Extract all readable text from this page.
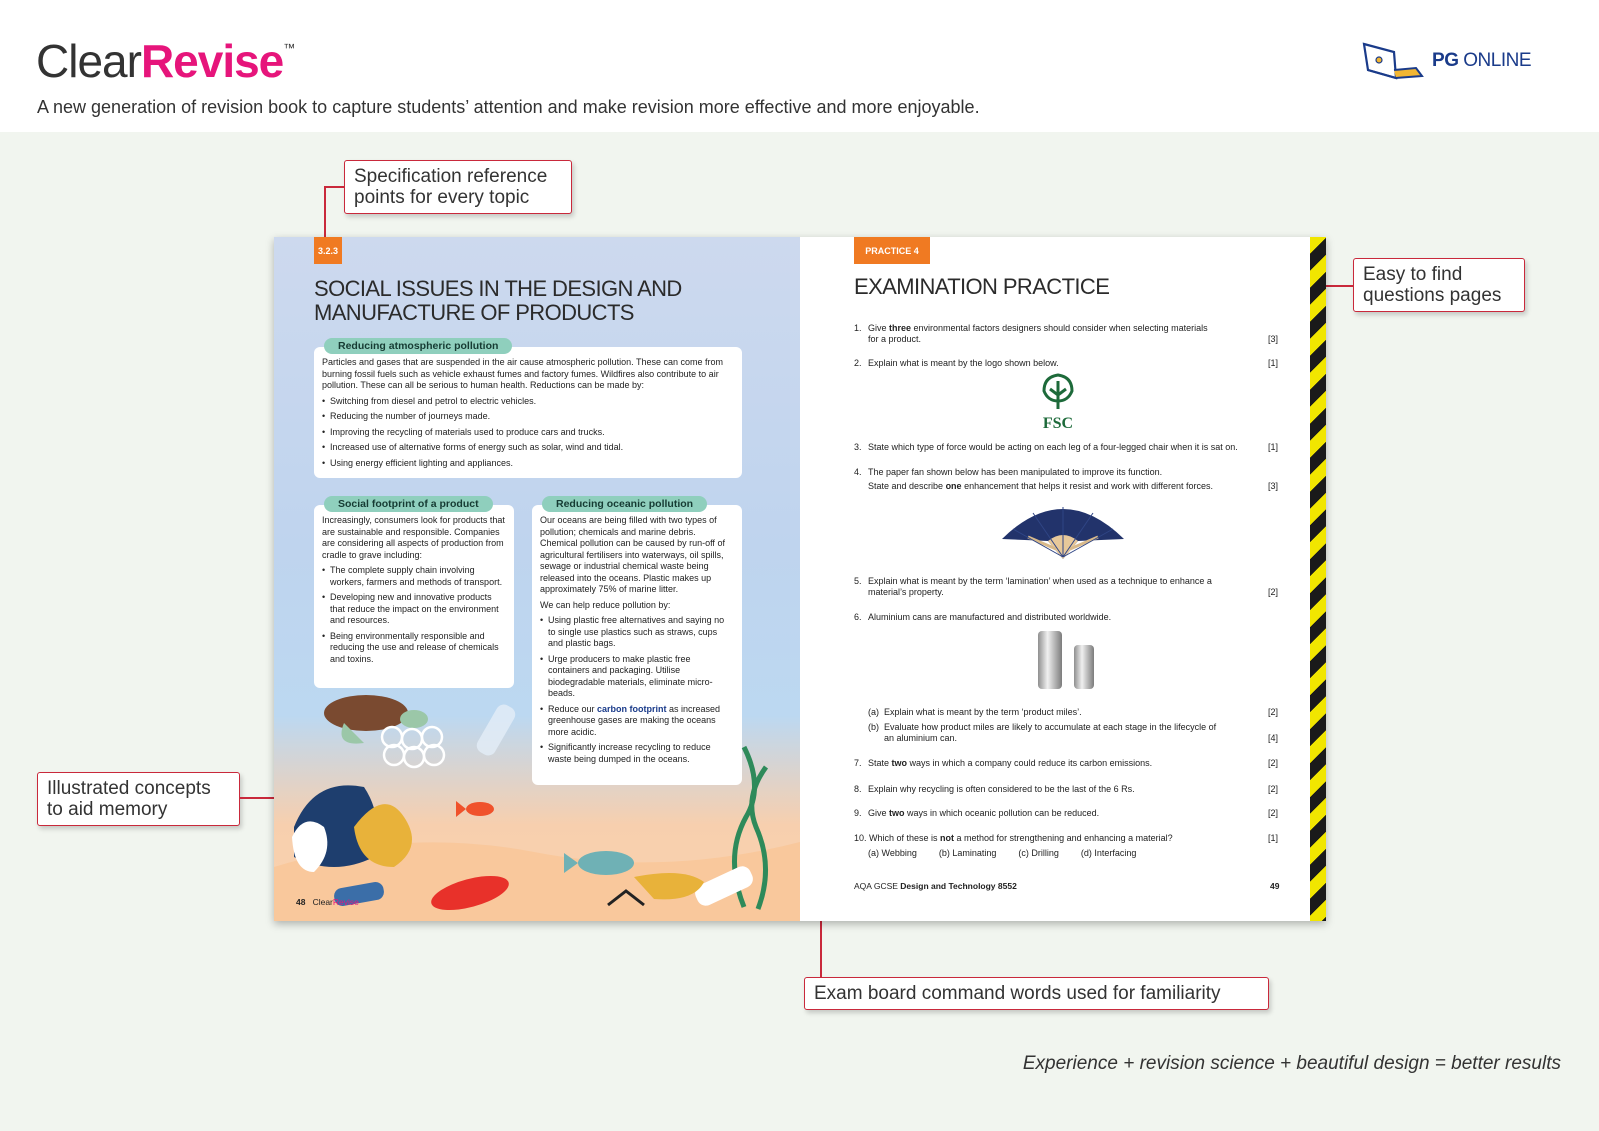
ClearRevise™
A new generation of revision book to capture students’ attention and make revision more effective and more enjoyable.
PG ONLINE
Specification reference
points for every topic
Easy to find
questions pages
Illustrated concepts
to aid memory
Exam board command words used for familiarity
3.2.3
SOCIAL ISSUES IN THE DESIGN AND
MANUFACTURE OF PRODUCTS

Particles and gases that are suspended in the air cause atmospheric pollution. These can come from burning fossil fuels such as vehicle exhaust fumes and factory fumes. Wildfires also contribute to air pollution. These can all be serious to human health. Reductions can be made by:

• Switching from diesel and petrol to electric vehicles.
• Reducing the number of journeys made.
• Improving the recycling of materials used to produce cars and trucks.
• Increased use of alternative forms of energy such as solar, wind and tidal.
• Using energy efficient lighting and appliances.
Reducing atmospheric pollution

Increasingly, consumers look for products that are sustainable and responsible. Companies are considering all aspects of production from cradle to grave including:

• The complete supply chain involving workers, farmers and methods of transport.
• Developing new and innovative products that reduce the impact on the environment and resources.
• Being environmentally responsible and reducing the use and release of chemicals and toxins.
Social footprint of a product

Our oceans are being filled with two types of pollution; chemicals and marine debris. Chemical pollution can be caused by run-off of agricultural fertilisers into waterways, oil spills, sewage or industrial chemical waste being released into the oceans. Plastic makes up approximately 75% of marine litter.

We can help reduce pollution by:

• Using plastic free alternatives and saying no to single use plastics such as straws, cups and plastic bags.
• Urge producers to make plastic free containers and packaging. Utilise biodegradable materials, eliminate micro-beads.
• Reduce our carbon footprint as increased greenhouse gases are making the oceans more acidic.
• Significantly increase recycling to reduce waste being dumped in the oceans.
Reducing oceanic pollution
48 ClearRevise
PRACTICE 4
EXAMINATION PRACTICE
1. Give three environmental factors designers should consider when selecting materials for a product.	[3]
2. Explain what is meant by the logo shown below.	[1]
FSC
3. State which type of force would be acting on each leg of a four-legged chair when it is sat on.	[1]
4. The paper fan shown below has been manipulated to improve its function.
State and describe one enhancement that helps it resist and work with different forces.	[3]
5. Explain what is meant by the term ‘lamination’ when used as a technique to enhance a material’s property.	[2]
6. Aluminium cans are manufactured and distributed worldwide.
(a) Explain what is meant by the term ‘product miles’.	[2]
(b) Evaluate how product miles are likely to accumulate at each stage in the lifecycle of an aluminium can.	[4]
7. State two ways in which a company could reduce its carbon emissions.	[2]
8. Explain why recycling is often considered to be the last of the 6 Rs.	[2]
9. Give two ways in which oceanic pollution can be reduced.	[2]
10. Which of these is not a method for strengthening and enhancing a material?	[1]
(a) Webbing (b) Laminating (c) Drilling (d) Interfacing
AQA GCSE Design and Technology 8552	49
Experience + revision science + beautiful design = better results
